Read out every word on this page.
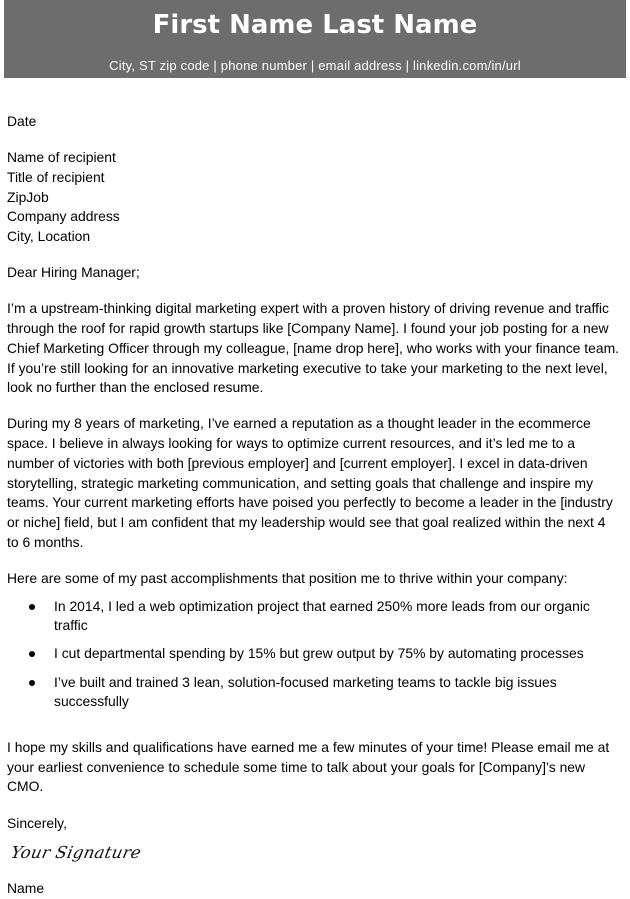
First Name Last Name

City, ST zip code | phone number | email address | linkedin.com/in/url

Date

Name of recipient

Title of recipient

ZipJob

Company address

City, Location

Dear Hiring Manager;

I’m a upstream-thinking digital marketing expert with a proven history of driving revenue and traffic through the roof for rapid growth startups like [Company Name]. I found your job posting for a new Chief Marketing Officer through my colleague, [name drop here], who works with your finance team. If you’re still looking for an innovative marketing executive to take your marketing to the next level, look no further than the enclosed resume.

During my 8 years of marketing, I’ve earned a reputation as a thought leader in the ecommerce space. I believe in always looking for ways to optimize current resources, and it’s led me to a number of victories with both [previous employer] and [current employer]. I excel in data-driven storytelling, strategic marketing communication, and setting goals that challenge and inspire my teams. Your current marketing efforts have poised you perfectly to become a leader in the [industry or niche] field, but I am confident that my leadership would see that goal realized within the next 4 to 6 months.

Here are some of my past accomplishments that position me to thrive within your company:

In 2014, I led a web optimization project that earned 250% more leads from our organic traffic
I cut departmental spending by 15% but grew output by 75% by automating processes
I’ve built and trained 3 lean, solution-focused marketing teams to tackle big issues successfully

I hope my skills and qualifications have earned me a few minutes of your time! Please email me at your earliest convenience to schedule some time to talk about your goals for [Company]’s new CMO.

Sincerely,

Your Signature

Name
